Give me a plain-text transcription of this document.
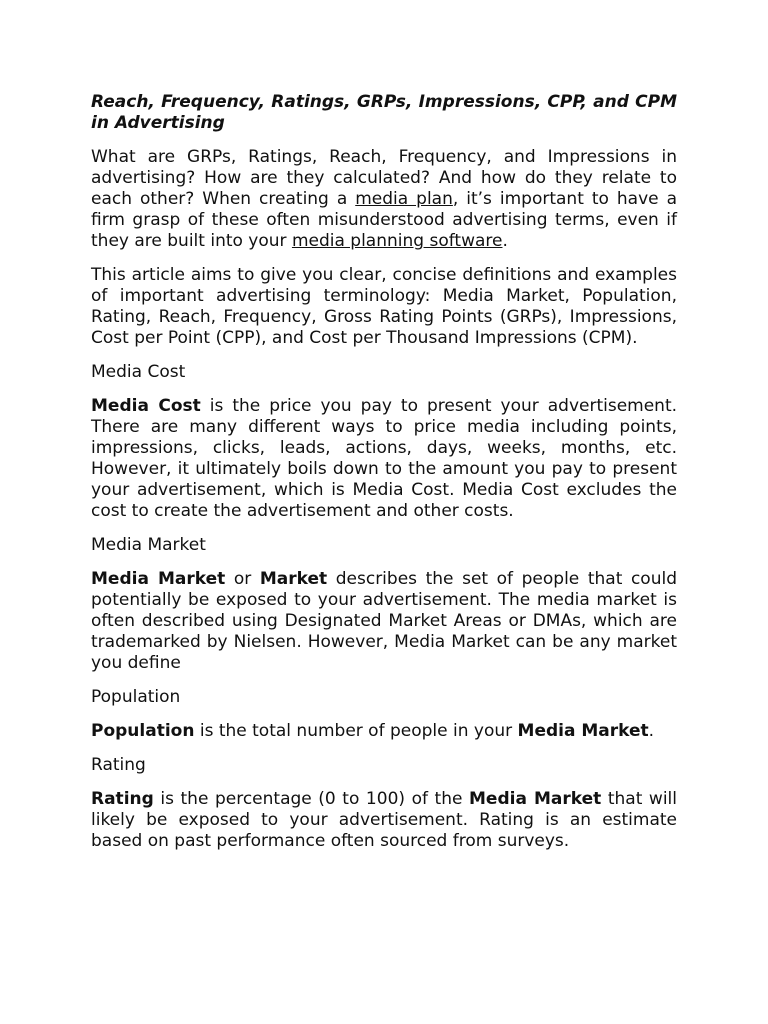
Reach, Frequency, Ratings, GRPs, Impressions, CPP, and CPM in Advertising

What are GRPs, Ratings, Reach, Frequency, and Impressions in advertising? How are they calculated? And how do they relate to each other? When creating a media plan, it’s important to have a firm grasp of these often misunderstood advertising terms, even if they are built into your media planning software.

This article aims to give you clear, concise definitions and examples of important advertising terminology: Media Market, Population, Rating, Reach, Frequency, Gross Rating Points (GRPs), Impressions, Cost per Point (CPP), and Cost per Thousand Impressions (CPM).

Media Cost

Media Cost is the price you pay to present your advertisement. There are many different ways to price media including points, impressions, clicks, leads, actions, days, weeks, months, etc. However, it ultimately boils down to the amount you pay to present your advertisement, which is Media Cost. Media Cost excludes the cost to create the advertisement and other costs.

Media Market

Media Market or Market describes the set of people that could potentially be exposed to your advertisement. The media market is often described using Designated Market Areas or DMAs, which are trademarked by Nielsen. However, Media Market can be any market you define

Population

Population is the total number of people in your Media Market.

Rating

Rating is the percentage (0 to 100) of the Media Market that will likely be exposed to your advertisement. Rating is an estimate based on past performance often sourced from surveys.
